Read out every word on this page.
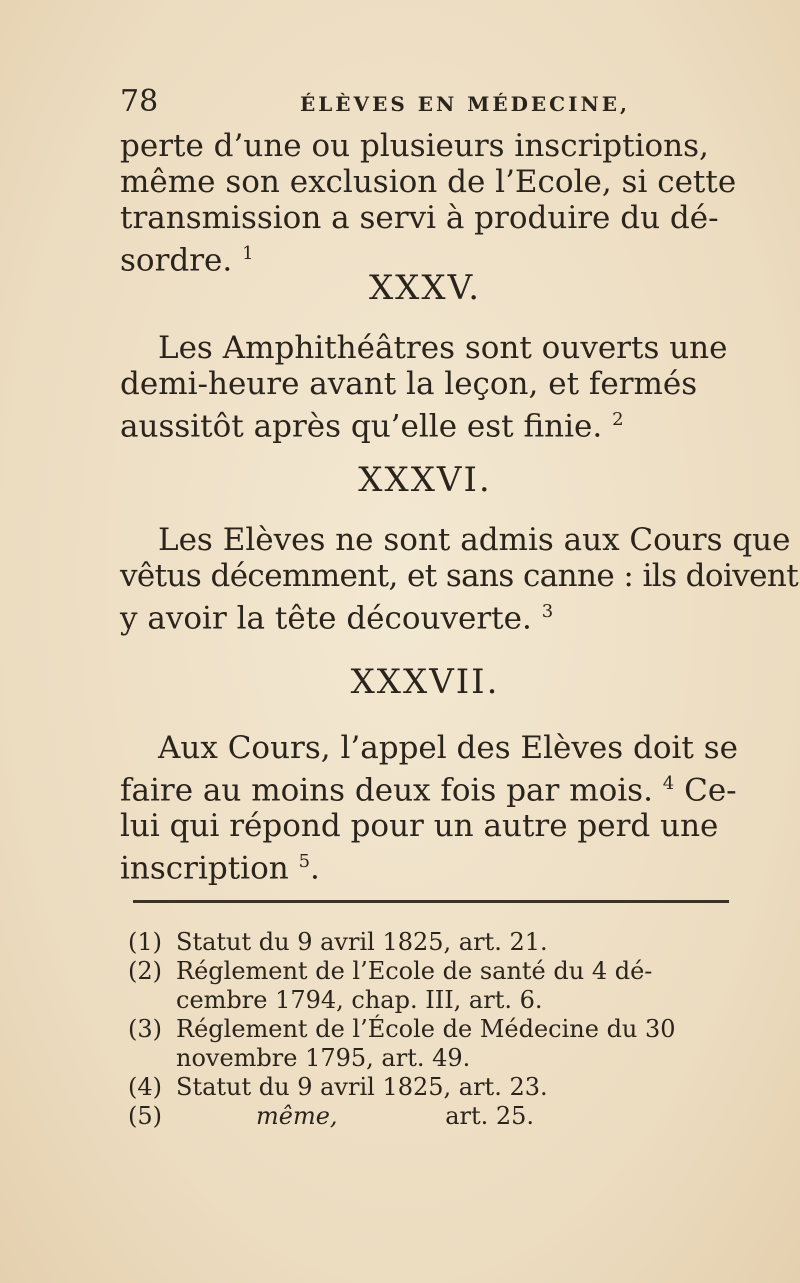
78	ÉLÈVES EN MÉDECINE,

perte d’une ou plusieurs inscriptions,
même son exclusion de l’Ecole, si cette
transmission a servi à produire du dé-
sordre. $^1$

XXXV.

Les Amphithéâtres sont ouverts une
demi-heure avant la leçon, et fermés
aussitôt après qu’elle est finie. $^2$

XXXVI.

Les Elèves ne sont admis aux Cours que
vêtus décemment, et sans canne : ils doivent
y avoir la tête découverte. $^3$

XXXVII.

Aux Cours, l’appel des Elèves doit se
faire au moins deux fois par mois. $^4$ Ce-
lui qui répond pour un autre perd une
inscription $^5$.

(1) Statut du 9 avril 1825, art. 21.

(2) Réglement de l’Ecole de santé du 4 dé-
cembre 1794, chap. III, art. 6.

(3) Réglement de l’École de Médecine du 30
novembre 1795, art. 49.

(4) Statut du 9 avril 1825, art. 23.

(5)	même,	art. 25.
